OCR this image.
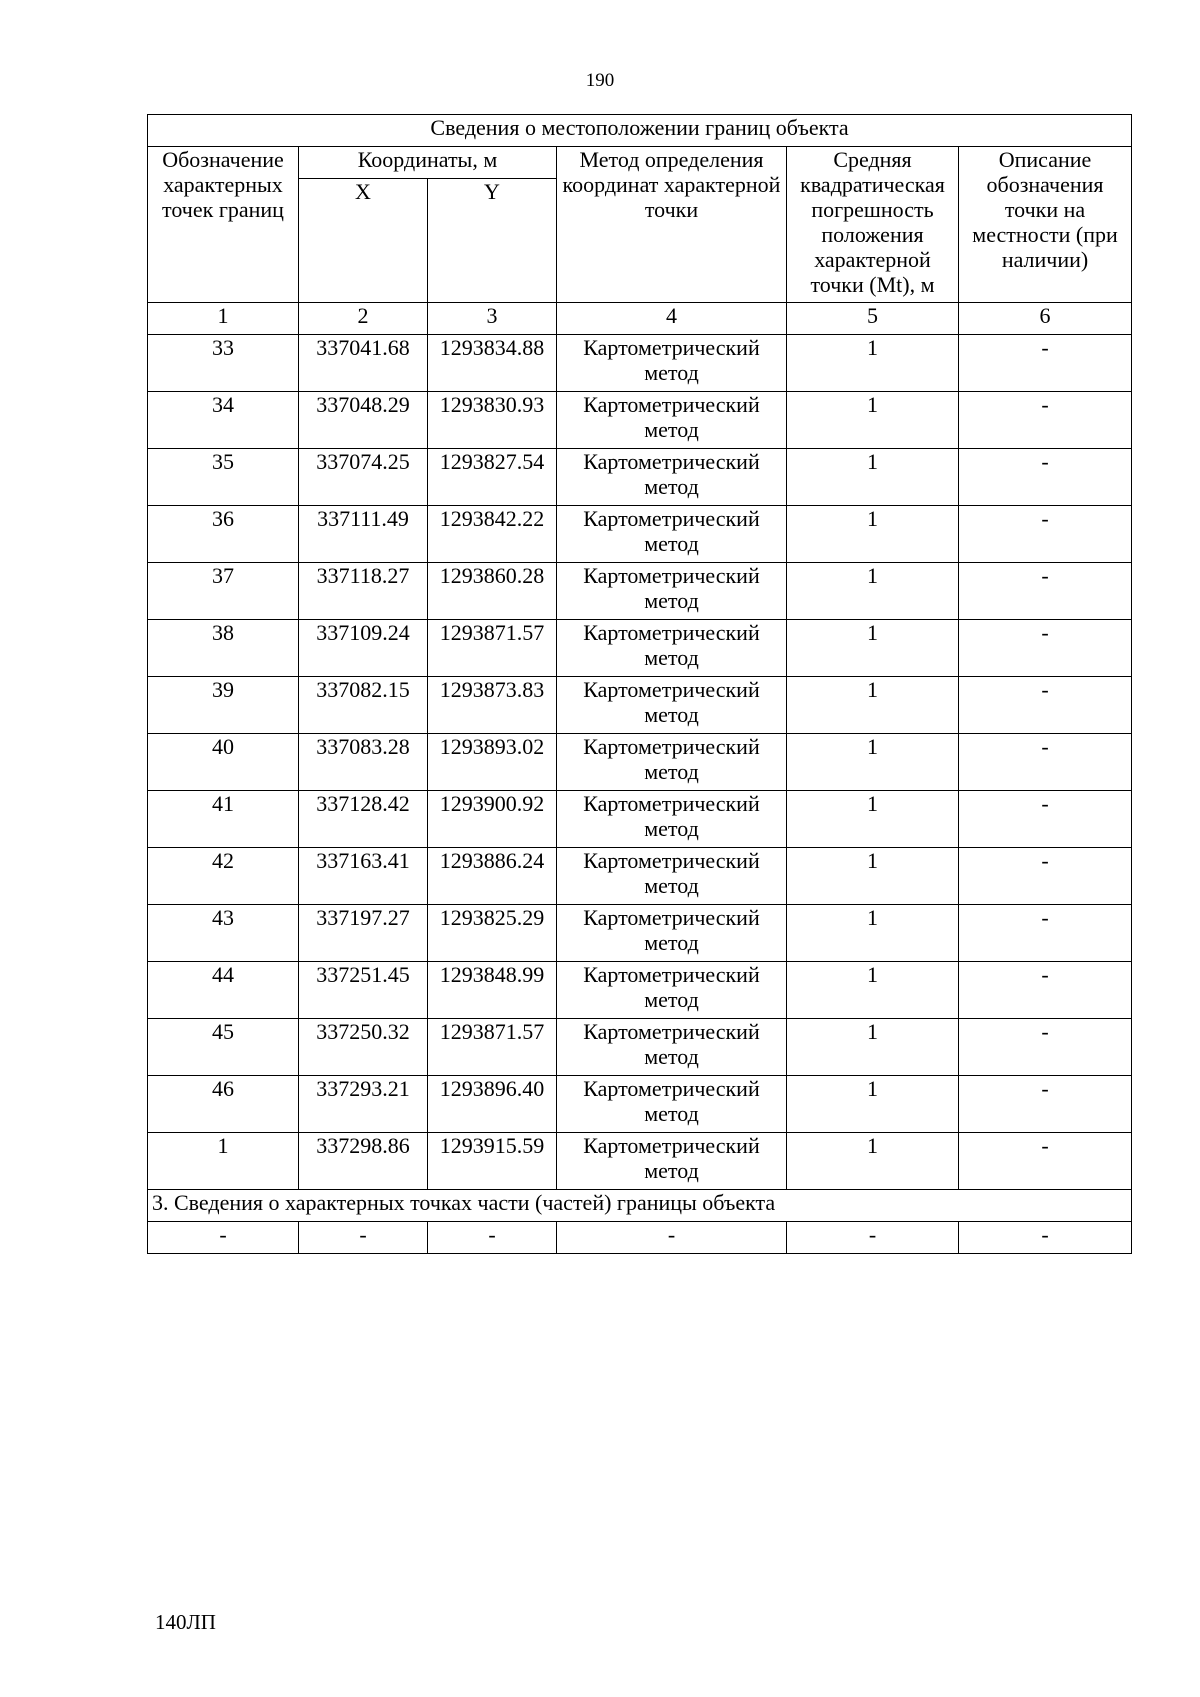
190
Сведения о местоположении границ объекта					
Обозначение характерных точек границ	Координаты, м		Метод определения координат характерной точки	Средняя квадратическая погрешность положения характерной точки (Mt), м	Описание обозначения точки на местности (при наличии)
	X	Y			
1	2	3	4	5	6
33	337041.68	1293834.88	Картометрический метод	1	-
34	337048.29	1293830.93	Картометрический метод	1	-
35	337074.25	1293827.54	Картометрический метод	1	-
36	337111.49	1293842.22	Картометрический метод	1	-
37	337118.27	1293860.28	Картометрический метод	1	-
38	337109.24	1293871.57	Картометрический метод	1	-
39	337082.15	1293873.83	Картометрический метод	1	-
40	337083.28	1293893.02	Картометрический метод	1	-
41	337128.42	1293900.92	Картометрический метод	1	-
42	337163.41	1293886.24	Картометрический метод	1	-
43	337197.27	1293825.29	Картометрический метод	1	-
44	337251.45	1293848.99	Картометрический метод	1	-
45	337250.32	1293871.57	Картометрический метод	1	-
46	337293.21	1293896.40	Картометрический метод	1	-
1	337298.86	1293915.59	Картометрический метод	1	-
3. Сведения о характерных точках части (частей) границы объекта					
-	-	-	-	-	-
140ЛП
